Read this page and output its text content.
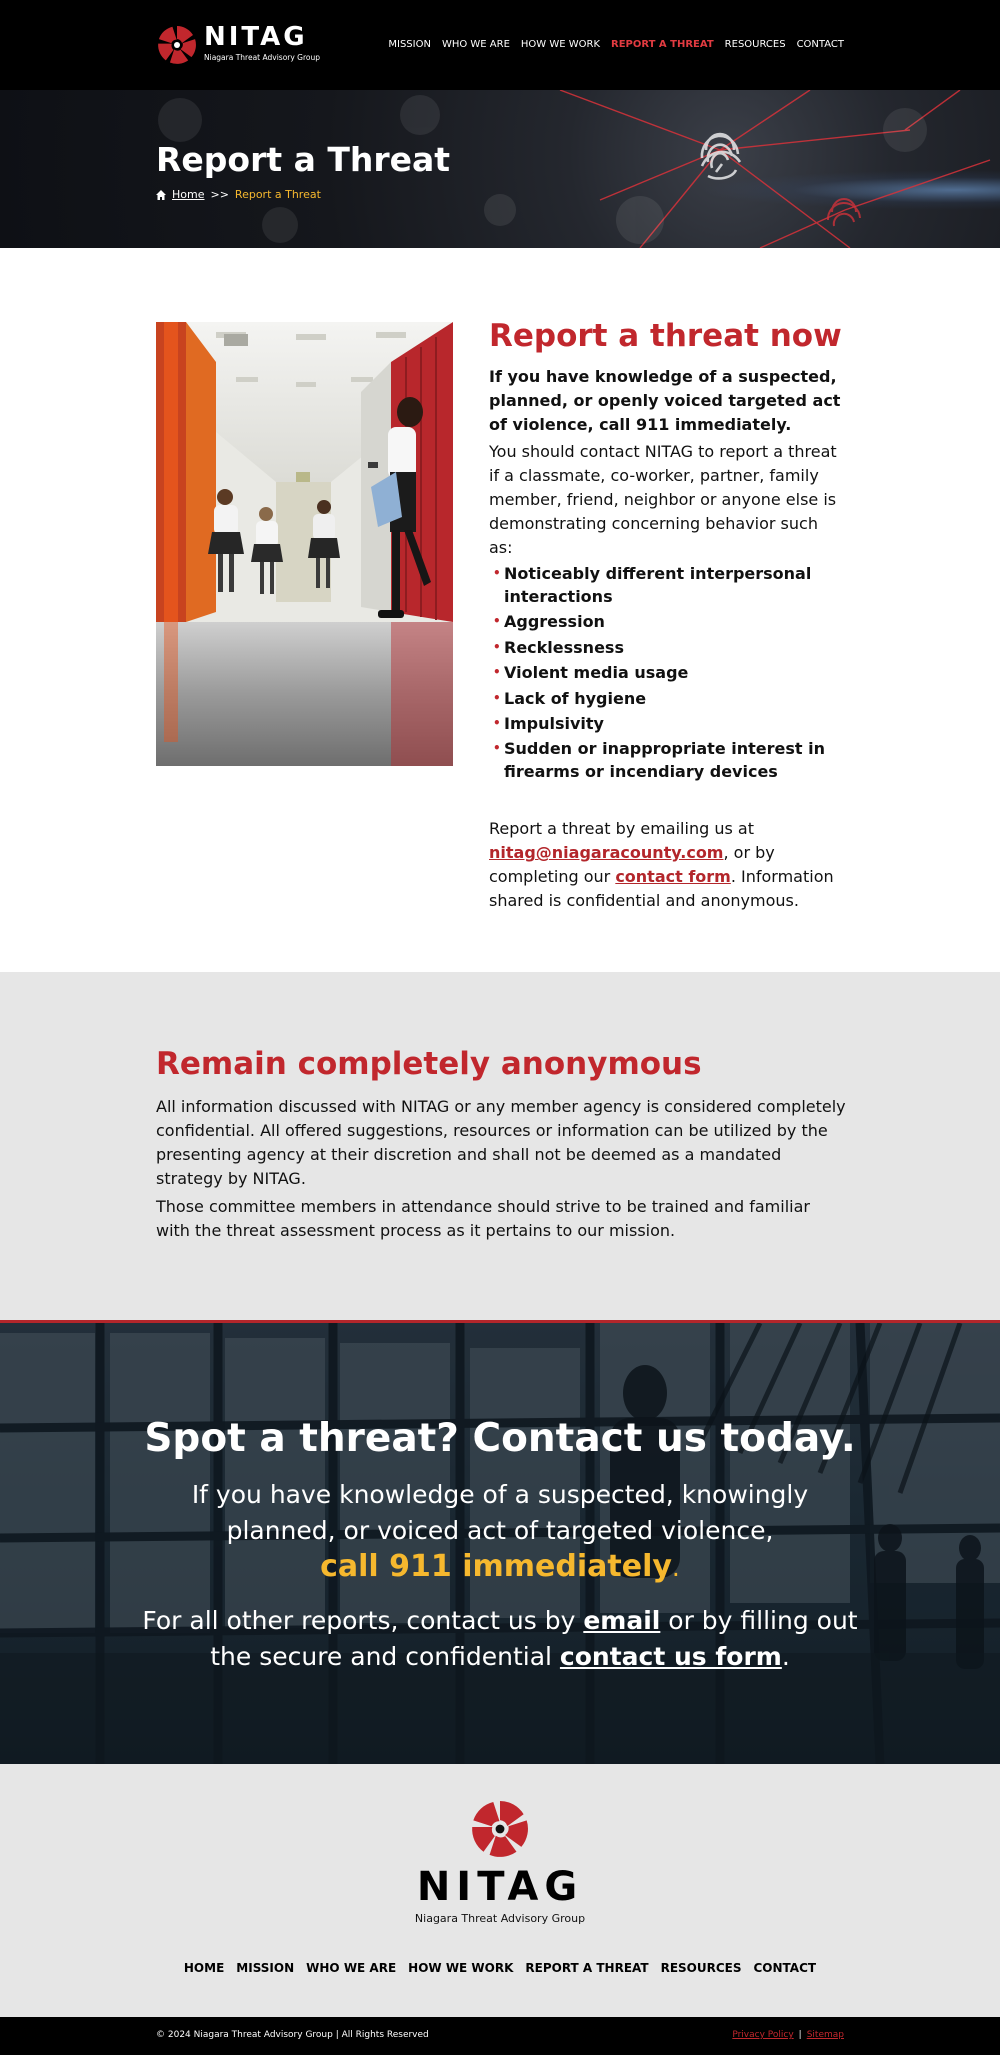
NITAG
Niagara Threat Advisory Group
MISSION WHO WE ARE HOW WE WORK REPORT A THREAT RESOURCES CONTACT
Report a Threat
Home >> Report a Threat
Report a threat now

If you have knowledge of a suspected, planned, or openly voiced targeted act of violence, call 911 immediately.

You should contact NITAG to report a threat if a classmate, co-worker, partner, family member, friend, neighbor or anyone else is demonstrating concerning behavior such as:

• Noticeably different interpersonal interactions
• Aggression
• Recklessness
• Violent media usage
• Lack of hygiene
• Impulsivity
• Sudden or inappropriate interest in firearms or incendiary devices

Report a threat by emailing us at nitag@niagaracounty.com, or by completing our contact form. Information shared is confidential and anonymous.

Remain completely anonymous

All information discussed with NITAG or any member agency is considered completely confidential. All offered suggestions, resources or information can be utilized by the presenting agency at their discretion and shall not be deemed as a mandated strategy by NITAG.

Those committee members in attendance should strive to be trained and familiar with the threat assessment process as it pertains to our mission.

Spot a threat? Contact us today.

If you have knowledge of a suspected, knowingly planned, or voiced act of targeted violence,
call 911 immediately.

For all other reports, contact us by email or by filling out the secure and confidential contact us form.

NITAG
Niagara Threat Advisory Group
HOME MISSION WHO WE ARE HOW WE WORK REPORT A THREAT RESOURCES CONTACT
© 2024 Niagara Threat Advisory Group | All Rights Reserved	Privacy Policy | Sitemap
